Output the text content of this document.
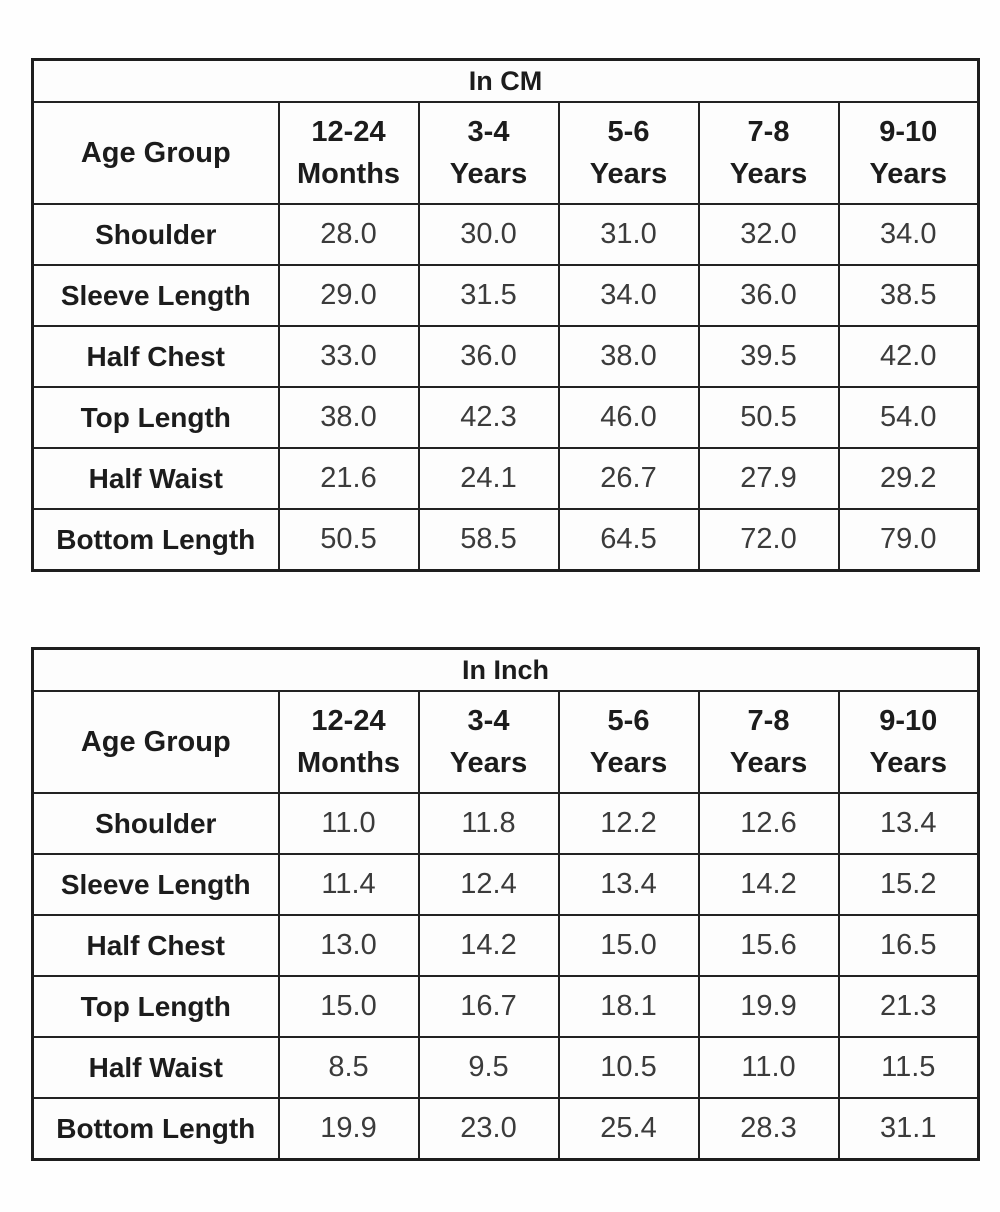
In CM					
Age Group	12-24 Months	3-4 Years	5-6 Years	7-8 Years	9-10 Years
Shoulder	28.0	30.0	31.0	32.0	34.0
Sleeve Length	29.0	31.5	34.0	36.0	38.5
Half Chest	33.0	36.0	38.0	39.5	42.0
Top Length	38.0	42.3	46.0	50.5	54.0
Half Waist	21.6	24.1	26.7	27.9	29.2
Bottom Length	50.5	58.5	64.5	72.0	79.0
In Inch					
Age Group	12-24 Months	3-4 Years	5-6 Years	7-8 Years	9-10 Years
Shoulder	11.0	11.8	12.2	12.6	13.4
Sleeve Length	11.4	12.4	13.4	14.2	15.2
Half Chest	13.0	14.2	15.0	15.6	16.5
Top Length	15.0	16.7	18.1	19.9	21.3
Half Waist	8.5	9.5	10.5	11.0	11.5
Bottom Length	19.9	23.0	25.4	28.3	31.1
